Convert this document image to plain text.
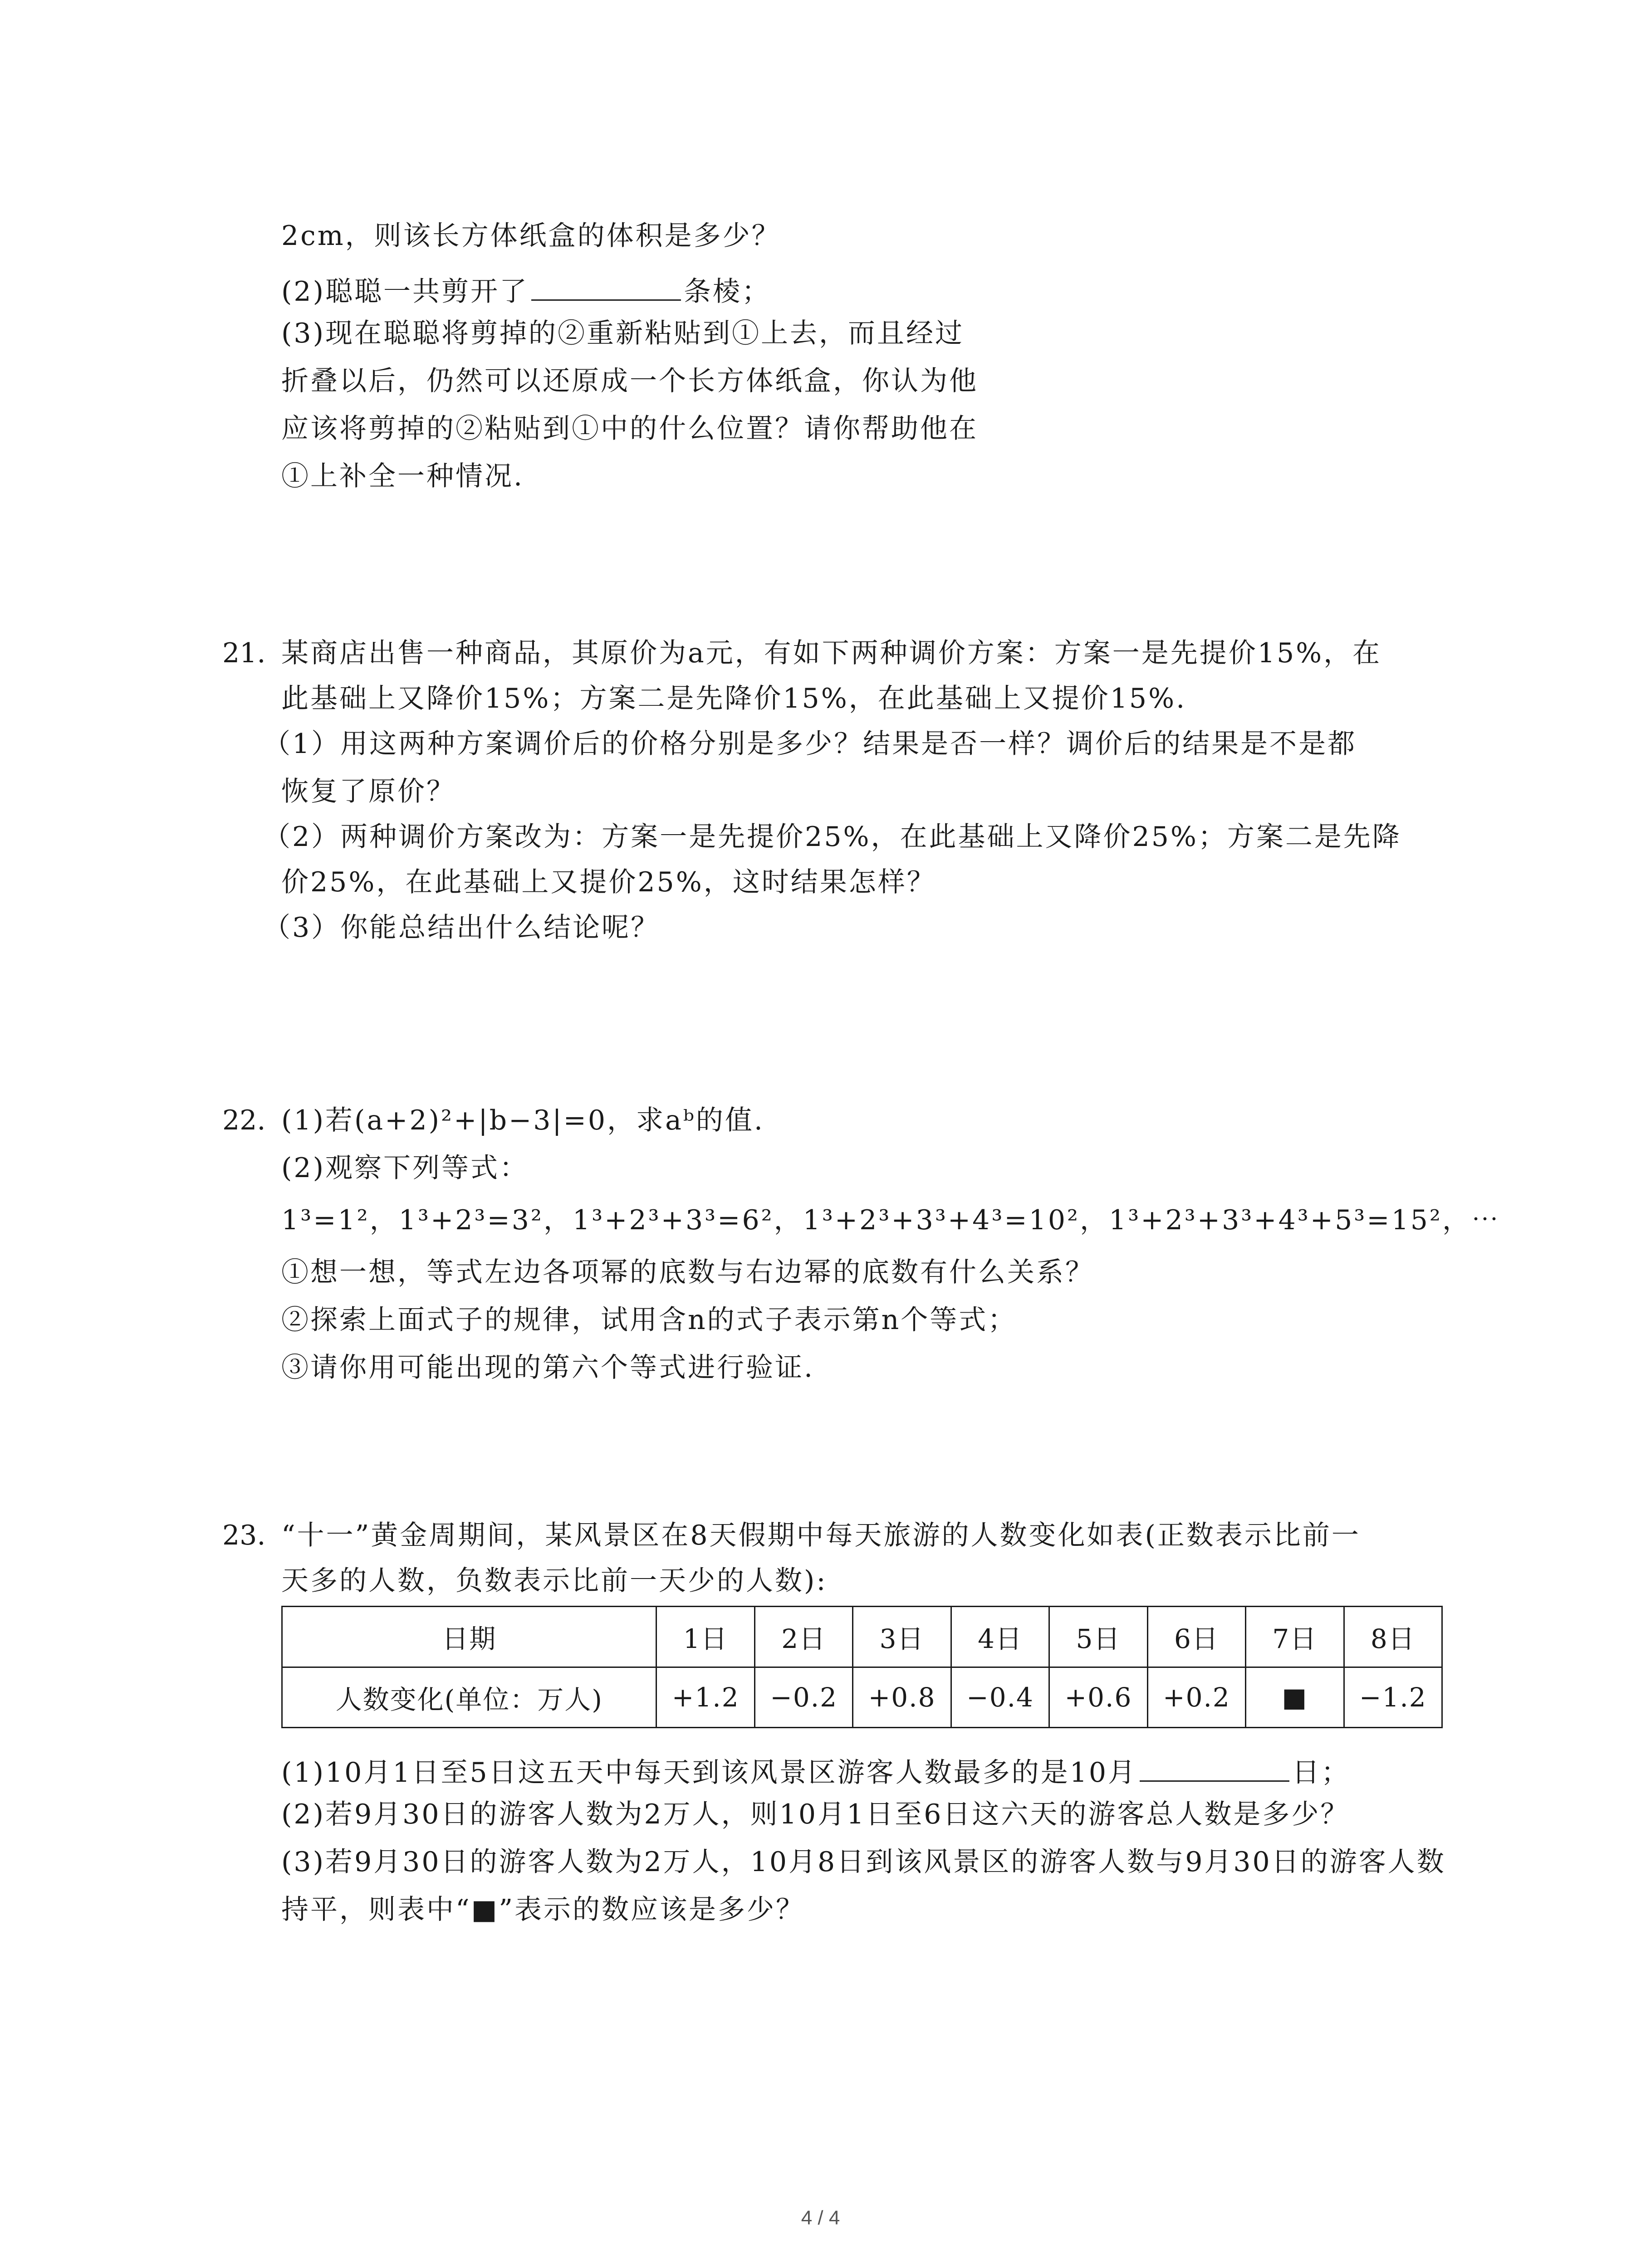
2cm，则该长方体纸盒的体积是多少？
(2)聪聪一共剪开了	条棱；
(3)现在聪聪将剪掉的②重新粘贴到①上去，而且经过
折叠以后，仍然可以还原成一个长方体纸盒，你认为他
应该将剪掉的②粘贴到①中的什么位置？请你帮助他在
①上补全一种情况.
21. 某商店出售一种商品，其原价为a元，有如下两种调价方案：方案一是先提价15%，在
此基础上又降价15%；方案二是先降价15%，在此基础上又提价15%.
（1）用这两种方案调价后的价格分别是多少？结果是否一样？调价后的结果是不是都
恢复了原价？
（2）两种调价方案改为：方案一是先提价25%，在此基础上又降价25%；方案二是先降
价25%，在此基础上又提价25%，这时结果怎样？
（3）你能总结出什么结论呢？
22. (1)若(a+2)²+|b−3|=0，求aᵇ的值.
(2)观察下列等式：
1³=1²，1³+2³=3²，1³+2³+3³=6²，1³+2³+3³+4³=10²，1³+2³+3³+4³+5³=15²，⋯
①想一想，等式左边各项幂的底数与右边幂的底数有什么关系？
②探索上面式子的规律，试用含n的式子表示第n个等式；
③请你用可能出现的第六个等式进行验证.
23. “十一”黄金周期间，某风景区在8天假期中每天旅游的人数变化如表(正数表示比前一
天多的人数，负数表示比前一天少的人数):
日期	1日	2日	3日	4日	5日	6日	7日	8日
人数变化(单位：万人)	+1.2	−0.2	+0.8	−0.4	+0.6	+0.2	■	−1.2
(1)10月1日至5日这五天中每天到该风景区游客人数最多的是10月	日；
(2)若9月30日的游客人数为2万人，则10月1日至6日这六天的游客总人数是多少？
(3)若9月30日的游客人数为2万人，10月8日到该风景区的游客人数与9月30日的游客人数
持平，则表中“■”表示的数应该是多少？
4 / 4
